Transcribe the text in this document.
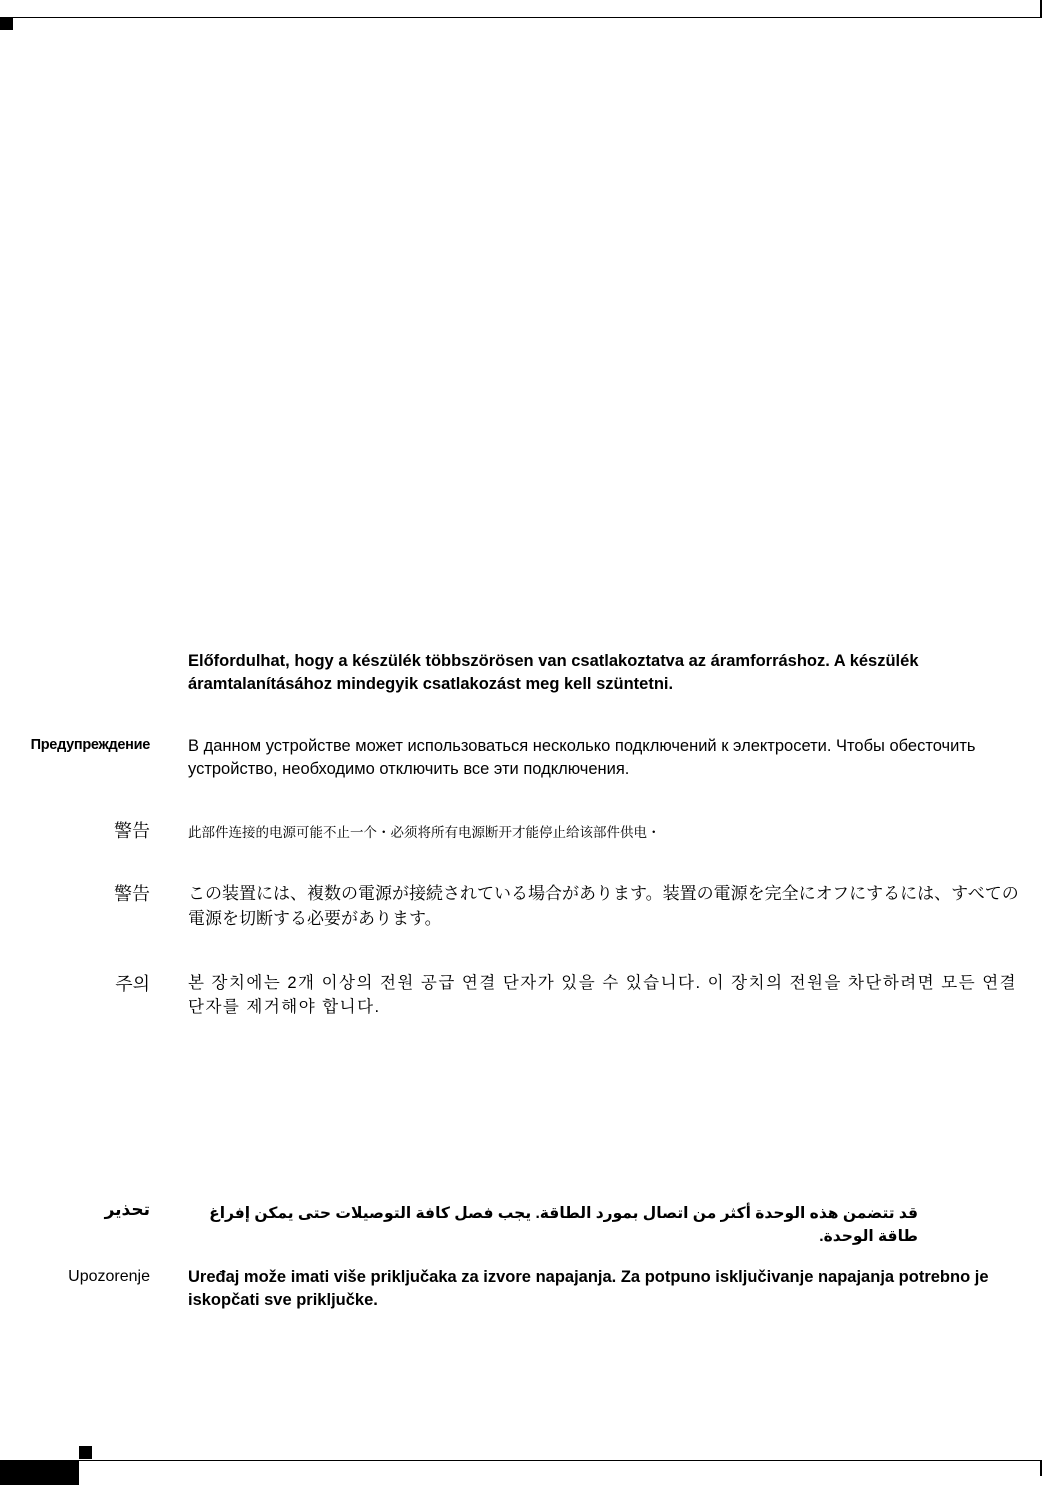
Előfordulhat, hogy a készülék többszörösen van csatlakoztatva az áramforráshoz. A készülék áramtalanításához mindegyik csatlakozást meg kell szüntetni.
Предупреждение В данном устройстве может использоваться несколько подключений к электросети. Чтобы обесточить устройство, необходимо отключить все эти подключения.
警告	此部件连接的电源可能不止一个・必须将所有电源断开才能停止给该部件供电・
警告 この装置には、複数の電源が接続されている場合があります。装置の電源を完全にオフにするには、すべての電源を切断する必要があります。
주의 본 장치에는 2개 이상의 전원 공급 연결 단자가 있을 수 있습니다. 이 장치의 전원을 차단하려면 모든 연결 단자를 제거해야 합니다.
تحذير	قد تتضمن هذه الوحدة أكثر من اتصال بمورد الطاقة. يجب فصل كافة التوصيلات حتى يمكن إفراغ طاقة الوحدة.
Upozorenje Uređaj može imati više priključaka za izvore napajanja. Za potpuno isključivanje napajanja potrebno je iskopčati sve priključke.
